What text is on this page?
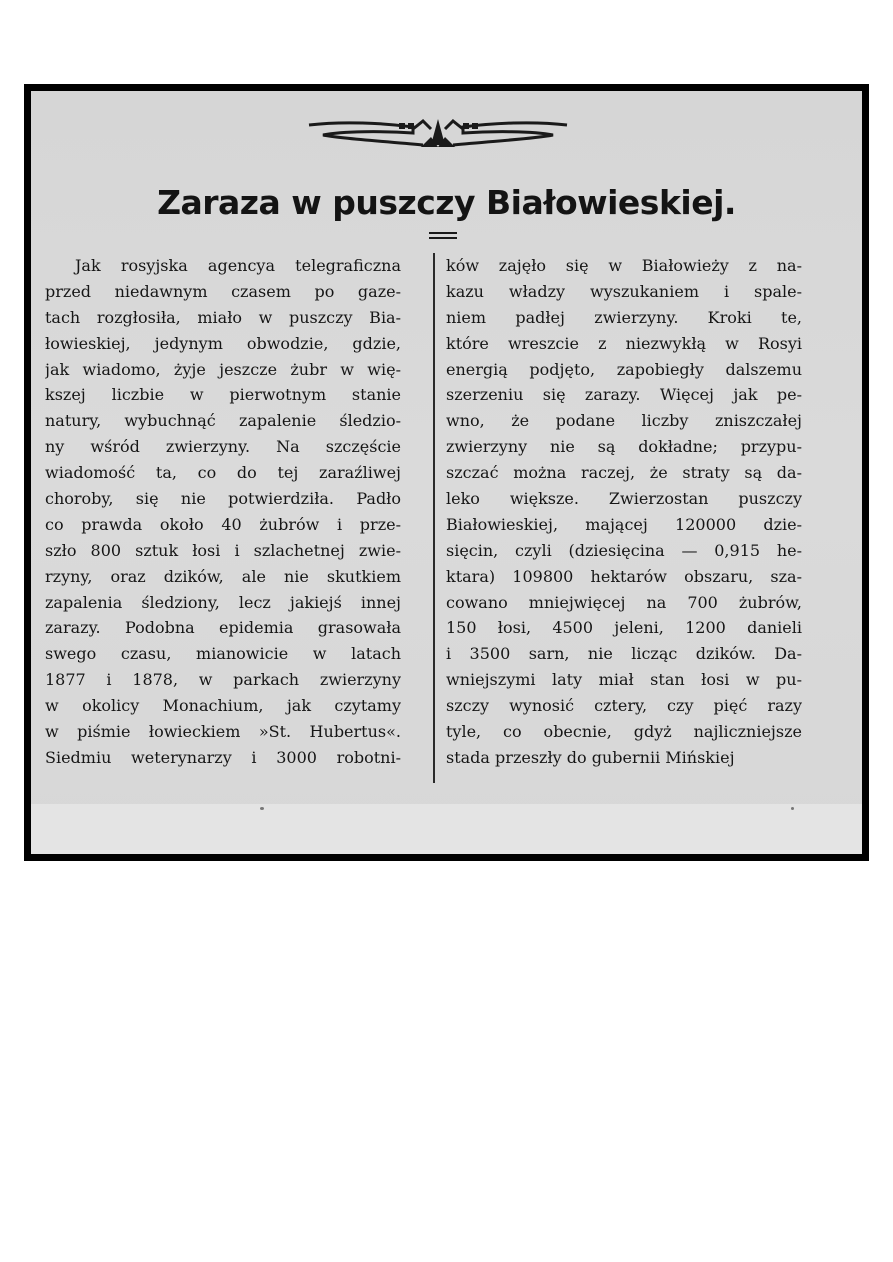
Zaraza w puszczy Białowieskiej.
Jak rosyjska agencya telegraficzna
przed niedawnym czasem po gaze-
tach rozgłosiła, miało w puszczy Bia-
łowieskiej, jedynym obwodzie, gdzie,
jak wiadomo, żyje jeszcze żubr w wię-
kszej liczbie w pierwotnym stanie
natury, wybuchnąć zapalenie śledzio-
ny wśród zwierzyny. Na szczęście
wiadomość ta, co do tej zaraźliwej
choroby, się nie potwierdziła. Padło
co prawda około 40 żubrów i prze-
szło 800 sztuk łosi i szlachetnej zwie-
rzyny, oraz dzików, ale nie skutkiem
zapalenia śledziony, lecz jakiejś innej
zarazy. Podobna epidemia grasowała
swego czasu, mianowicie w latach
1877 i 1878, w parkach zwierzyny
w okolicy Monachium, jak czytamy
w piśmie łowieckiem »St. Hubertus«.
Siedmiu weterynarzy i 3000 robotni-
ków zajęło się w Białowieży z na-
kazu władzy wyszukaniem i spale-
niem padłej zwierzyny. Kroki te,
które wreszcie z niezwykłą w Rosyi
energią podjęto, zapobiegły dalszemu
szerzeniu się zarazy. Więcej jak pe-
wno, że podane liczby zniszczałej
zwierzyny nie są dokładne; przypu-
szczać można raczej, że straty są da-
leko większe. Zwierzostan puszczy
Białowieskiej, mającej 120000 dzie-
sięcin, czyli (dziesięcina — 0,915 he-
ktara) 109800 hektarów obszaru, sza-
cowano mniejwięcej na 700 żubrów,
150 łosi, 4500 jeleni, 1200 danieli
i 3500 sarn, nie licząc dzików. Da-
wniejszymi laty miał stan łosi w pu-
szczy wynosić cztery, czy pięć razy
tyle, co obecnie, gdyż najliczniejsze
stada przeszły do gubernii Mińskiej
